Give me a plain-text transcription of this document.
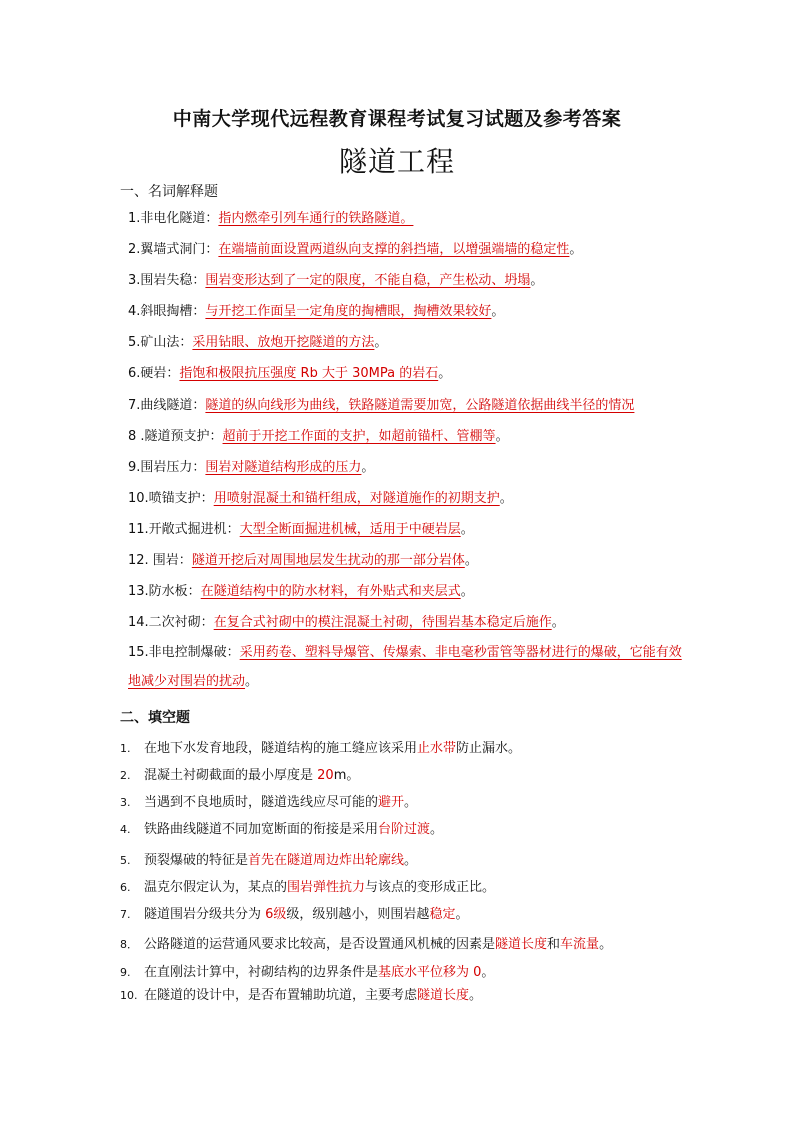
中南大学现代远程教育课程考试复习试题及参考答案
隧道工程
一、名词解释题
1.非电化隧道：指内燃牵引列车通行的铁路隧道。
2.翼墙式洞门：在端墙前面设置两道纵向支撑的斜挡墙，以增强端墙的稳定性。
3.围岩失稳：围岩变形达到了一定的限度，不能自稳，产生松动、坍塌。
4.斜眼掏槽：与开挖工作面呈一定角度的掏槽眼，掏槽效果较好。
5.矿山法：采用钻眼、放炮开挖隧道的方法。
6.硬岩：指饱和极限抗压强度 Rb 大于 30MPa 的岩石。
7.曲线隧道：隧道的纵向线形为曲线，铁路隧道需要加宽，公路隧道依据曲线半径的情况
8 .隧道预支护：超前于开挖工作面的支护，如超前锚杆、管棚等。
9.围岩压力：围岩对隧道结构形成的压力。
10.喷锚支护：用喷射混凝土和锚杆组成，对隧道施作的初期支护。
11.开敞式掘进机：大型全断面掘进机械，适用于中硬岩层。
12. 围岩：隧道开挖后对周围地层发生扰动的那一部分岩体。
13.防水板：在隧道结构中的防水材料，有外贴式和夹层式。
14.二次衬砌：在复合式衬砌中的模注混凝土衬砌，待围岩基本稳定后施作。
15.非电控制爆破：采用药卷、塑料导爆管、传爆索、非电毫秒雷管等器材进行的爆破，它能有效地减少对围岩的扰动。
二、填空题
1. 在地下水发育地段，隧道结构的施工缝应该采用止水带防止漏水。
2. 混凝土衬砌截面的最小厚度是 20m。
3. 当遇到不良地质时，隧道选线应尽可能的避开。
4. 铁路曲线隧道不同加宽断面的衔接是采用台阶过渡。
5. 预裂爆破的特征是首先在隧道周边炸出轮廓线。
6. 温克尔假定认为，某点的围岩弹性抗力与该点的变形成正比。
7. 隧道围岩分级共分为 6级级，级别越小，则围岩越稳定。
8． 公路隧道的运营通风要求比较高，是否设置通风机械的因素是隧道长度和车流量。
9. 在直刚法计算中，衬砌结构的边界条件是基底水平位移为 0。
10. 在隧道的设计中，是否布置辅助坑道，主要考虑隧道长度。
